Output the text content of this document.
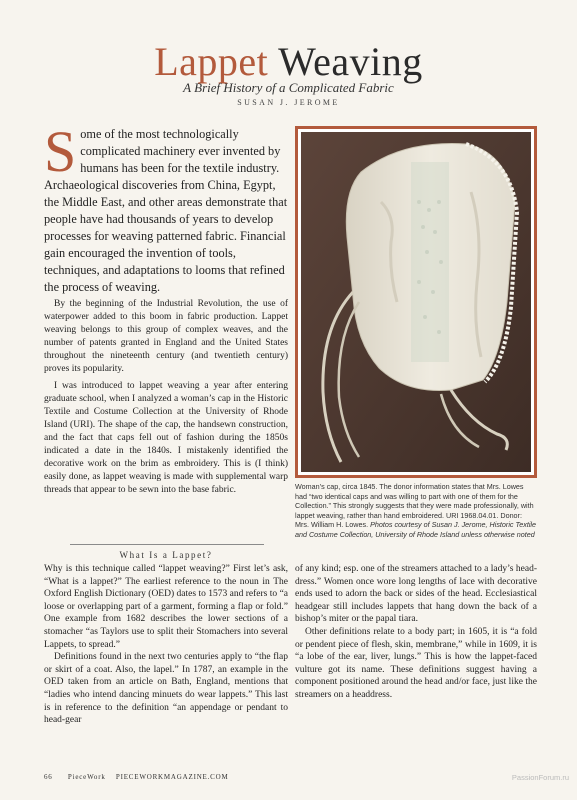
Lappet Weaving
A Brief History of a Complicated Fabric
SUSAN J. JEROME
Some of the most technologically complicated machinery ever invented by humans has been for the textile industry. Archaeological discoveries from China, Egypt, the Middle East, and other areas demonstrate that people have had thousands of years to develop processes for weaving patterned fabric. Financial gain encouraged the invention of tools, techniques, and adaptations to looms that refined the process of weaving.

By the beginning of the Industrial Revolution, the use of waterpower added to this boom in fabric production. Lappet weaving belongs to this group of complex weaves, and the number of patents granted in England and the United States throughout the nineteenth century (and twentieth century) proves its popularity.

I was introduced to lappet weaving a year after entering graduate school, when I analyzed a woman’s cap in the Historic Textile and Costume Collection at the University of Rhode Island (URI). The shape of the cap, the handsewn construction, and the fact that caps fell out of fashion during the 1850s indicated a date in the 1840s. I mistakenly identified the decorative work on the brim as embroidery. This is (I think) easily done, as lappet weaving is made with supplemental warp threads that appear to be sewn into the base fabric.	Woman’s cap, circa 1845. The donor information states that Mrs. Lowes had “two identical caps and was willing to part with one of them for the Collection.” This strongly suggests that they were made professionally, with lappet weaving, rather than hand embroidered. URI 1968.04.01. Donor: Mrs. William H. Lowes. Photos courtesy of Susan J. Jerome, Historic Textile and Costume Collection, University of Rhode Island unless otherwise noted
What Is a Lappet?

Why is this technique called “lappet weaving?” First let’s ask, “What is a lappet?” The earliest reference to the noun in The Oxford English Dictionary (OED) dates to 1573 and refers to “a loose or overlapping part of a garment, forming a flap or fold.” One example from 1682 describes the lower sections of a stomacher “as Taylors use to split their Stomachers into several Lappets, to spread.”

Definitions found in the next two centuries apply to “the flap or skirt of a coat. Also, the lapel.” In 1787, an example in the OED taken from an article on Bath, England, mentions that “ladies who intend dancing minuets do wear lappets.” This last is in reference to the definition “an appendage or pendant to head-gear

of any kind; esp. one of the streamers attached to a lady’s head-dress.” Women once wore long lengths of lace with decorative ends used to adorn the back or sides of the head. Ecclesiastical headgear still includes lappets that hang down the back of a bishop’s miter or the papal tiara.

Other definitions relate to a body part; in 1605, it is “a fold or pendent piece of flesh, skin, membrane,” while in 1609, it is “a lobe of the ear, liver, lungs.” This is how the lappet-faced vulture got its name. These definitions suggest having a component positioned around the head and/or face, just like the streamers on a headdress.

66 PieceWork PIECEWORKMAGAZINE.COM	PassionForum.ru
